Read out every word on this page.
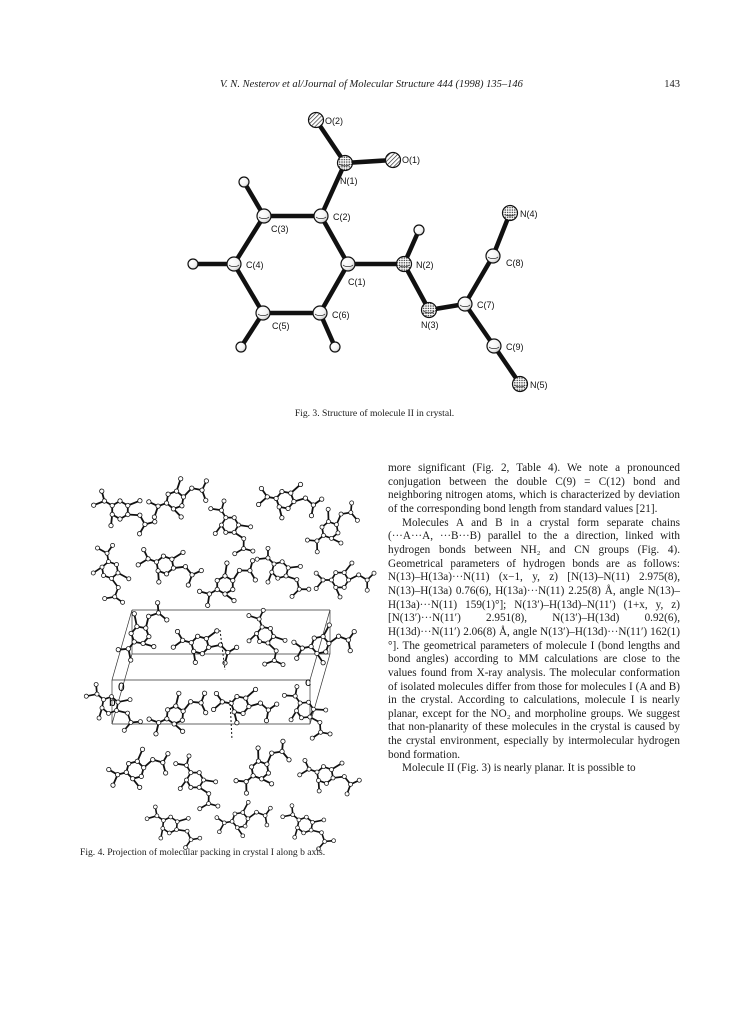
V. N. Nesterov et al/Journal of Molecular Structure 444 (1998) 135–146	143
O(2)
O(1)
N(1)
C(2)	N(4)
C(3)
C(8)
C(4)	N(2)
C(1)
C(7)
C(6)
N(3)
C(5)
C(9)
N(5)
Fig. 3. Structure of molecule II in crystal.
0
b
c
Fig. 4. Projection of molecular packing in crystal I along b axis.

more significant (Fig. 2, Table 4). We note a pronounced conjugation between the double C(9) = C(12) bond and neighboring nitrogen atoms, which is characterized by deviation of the corresponding bond length from standard values [21].

Molecules A and B in a crystal form separate chains (···A···A, ···B···B) parallel to the a direction, linked with hydrogen bonds between NH₂ and CN groups (Fig. 4). Geometrical parameters of hydrogen bonds are as follows: N(13)–H(13a)···N(11) (x−1, y, z) [N(13)–N(11) 2.975(8), N(13)–H(13a) 0.76(6), H(13a)···N(11) 2.25(8) Å, angle N(13)–H(13a)···N(11) 159(1)°]; N(13′)–H(13d)–N(11′) (1+x, y, z) [N(13′)···N(11′) 2.951(8), N(13′)–H(13d) 0.92(6), H(13d)···N(11′) 2.06(8) Å, angle N(13′)–H(13d)···N(11′) 162(1)°]. The geometrical parameters of molecule I (bond lengths and bond angles) according to MM calculations are close to the values found from X-ray analysis. The molecular conformation of isolated molecules differ from those for molecules I (A and B) in the crystal. According to calculations, molecule I is nearly planar, except for the NO₂ and morpholine groups. We suggest that non-planarity of these molecules in the crystal is caused by the crystal environment, especially by intermolecular hydrogen bond formation.

Molecule II (Fig. 3) is nearly planar. It is possible to
